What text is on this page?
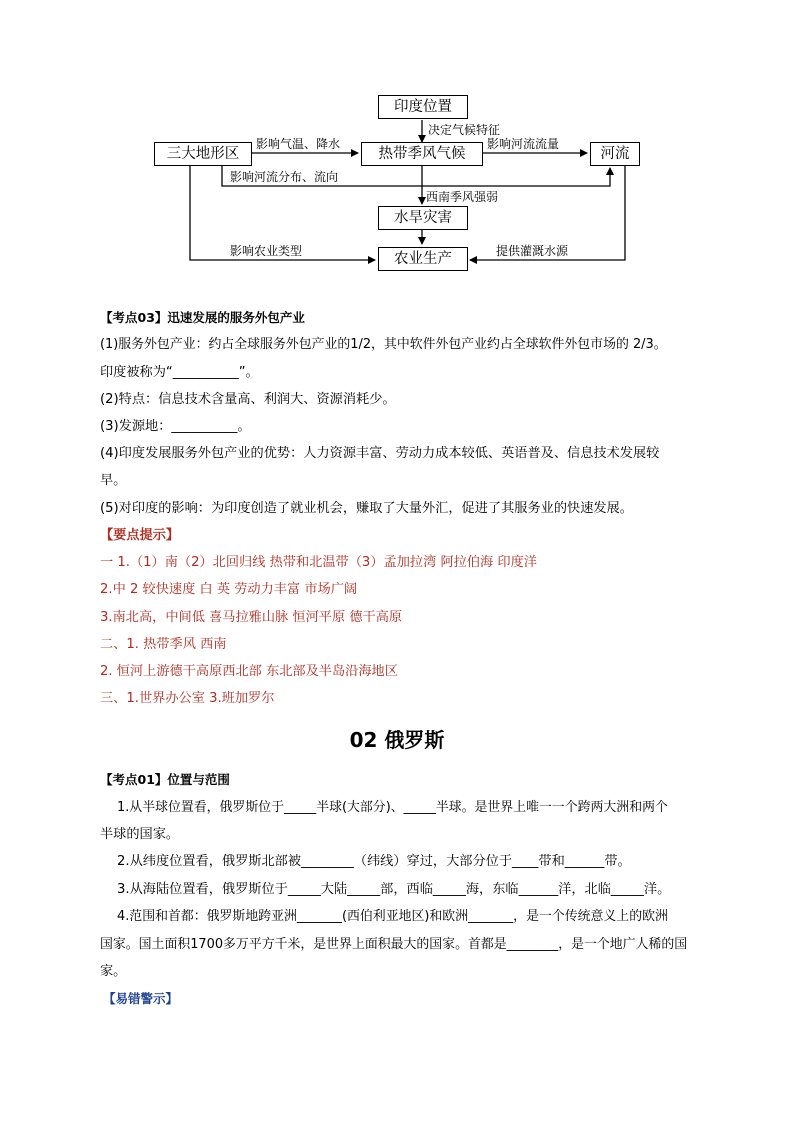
印度位置
三大地形区	热带季风气候	河流
水旱灾害
农业生产
决定气候特征
影响气温、降水	影响河流流量
影响河流分布、流向
西南季风强弱
影响农业类型	提供灌溉水源
【考点03】迅速发展的服务外包产业
(1)服务外包产业：约占全球服务外包产业的1/2，其中软件外包产业约占全球软件外包市场的 2/3。
印度被称为“__________”。
(2)特点：信息技术含量高、利润大、资源消耗少。
(3)发源地：__________。
(4)印度发展服务外包产业的优势：人力资源丰富、劳动力成本较低、英语普及、信息技术发展较
早。
(5)对印度的影响：为印度创造了就业机会，赚取了大量外汇，促进了其服务业的快速发展。
【要点提示】
一 1.（1）南（2）北回归线 热带和北温带（3）孟加拉湾 阿拉伯海 印度洋
2.中 2 较快速度 白 英 劳动力丰富 市场广阔
3.南北高，中间低 喜马拉雅山脉 恒河平原 德干高原
二、1. 热带季风 西南
2. 恒河上游德干高原西北部 东北部及半岛沿海地区
三、1.世界办公室 3.班加罗尔
02 俄罗斯
【考点01】位置与范围
1.从半球位置看，俄罗斯位于_____半球(大部分)、_____半球。是世界上唯一一个跨两大洲和两个
半球的国家。
2.从纬度位置看，俄罗斯北部被________（纬线）穿过，大部分位于____带和______带。
3.从海陆位置看，俄罗斯位于_____大陆_____部，西临_____海，东临______洋，北临_____洋。
4.范围和首都：俄罗斯地跨亚洲_______(西伯利亚地区)和欧洲_______，是一个传统意义上的欧洲
国家。国土面积1700多万平方千米，是世界上面积最大的国家。首都是________，是一个地广人稀的国
家。
【易错警示】
